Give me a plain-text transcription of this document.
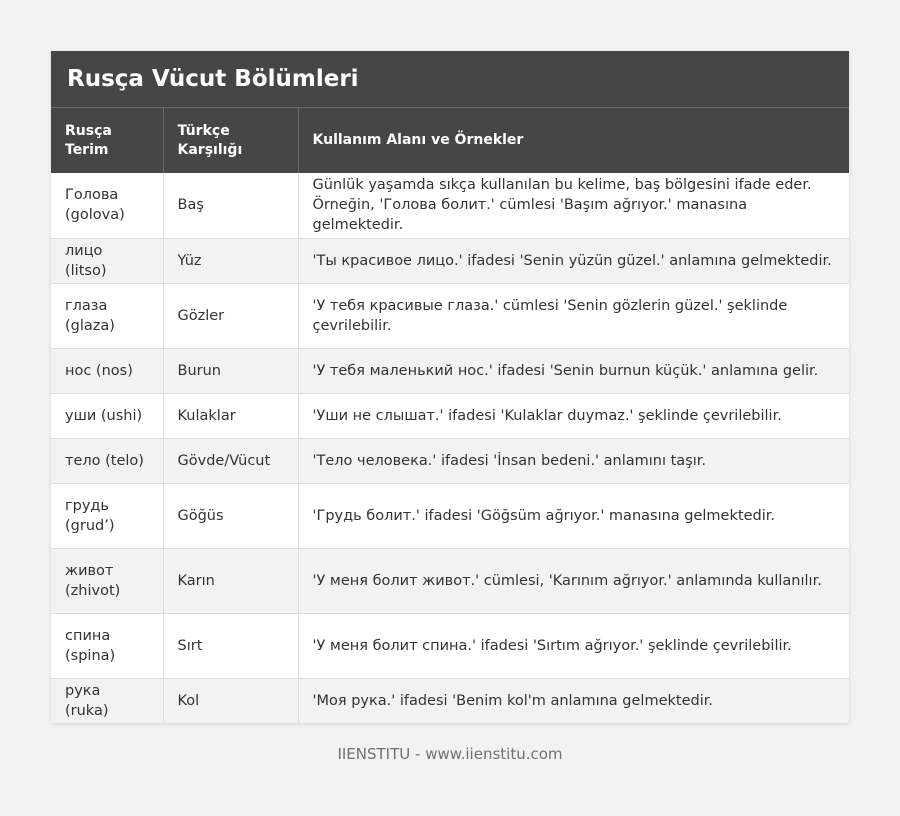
Rusça Vücut Bölümleri
Rusça Terim	Türkçe Karşılığı	Kullanım Alanı ve Örnekler
Голова (golova)	Baş	Günlük yaşamda sıkça kullanılan bu kelime, baş bölgesini ifade eder. Örneğin, 'Голова болит.' cümlesi 'Başım ağrıyor.' manasına gelmektedir.
лицо (litso)	Yüz	'Ты красивое лицо.' ifadesi 'Senin yüzün güzel.' anlamına gelmektedir.
глаза (glaza)	Gözler	'У тебя красивые глаза.' cümlesi 'Senin gözlerin güzel.' şeklinde çevrilebilir.
нос (nos)	Burun	'У тебя маленький нос.' ifadesi 'Senin burnun küçük.' anlamına gelir.
уши (ushi)	Kulaklar	'Уши не слышат.' ifadesi 'Kulaklar duymaz.' şeklinde çevrilebilir.
тело (telo)	Gövde/Vücut	'Тело человека.' ifadesi 'İnsan bedeni.' anlamını taşır.
грудь (grud’)	Göğüs	'Грудь болит.' ifadesi 'Göğsüm ağrıyor.' manasına gelmektedir.
живот (zhivot)	Karın	'У меня болит живот.' cümlesi, 'Karınım ağrıyor.' anlamında kullanılır.
спина (spina)	Sırt	'У меня болит спина.' ifadesi 'Sırtım ağrıyor.' şeklinde çevrilebilir.
рука (ruka)	Kol	'Моя рука.' ifadesi 'Benim kol'm anlamına gelmektedir.
IIENSTITU - www.iienstitu.com
